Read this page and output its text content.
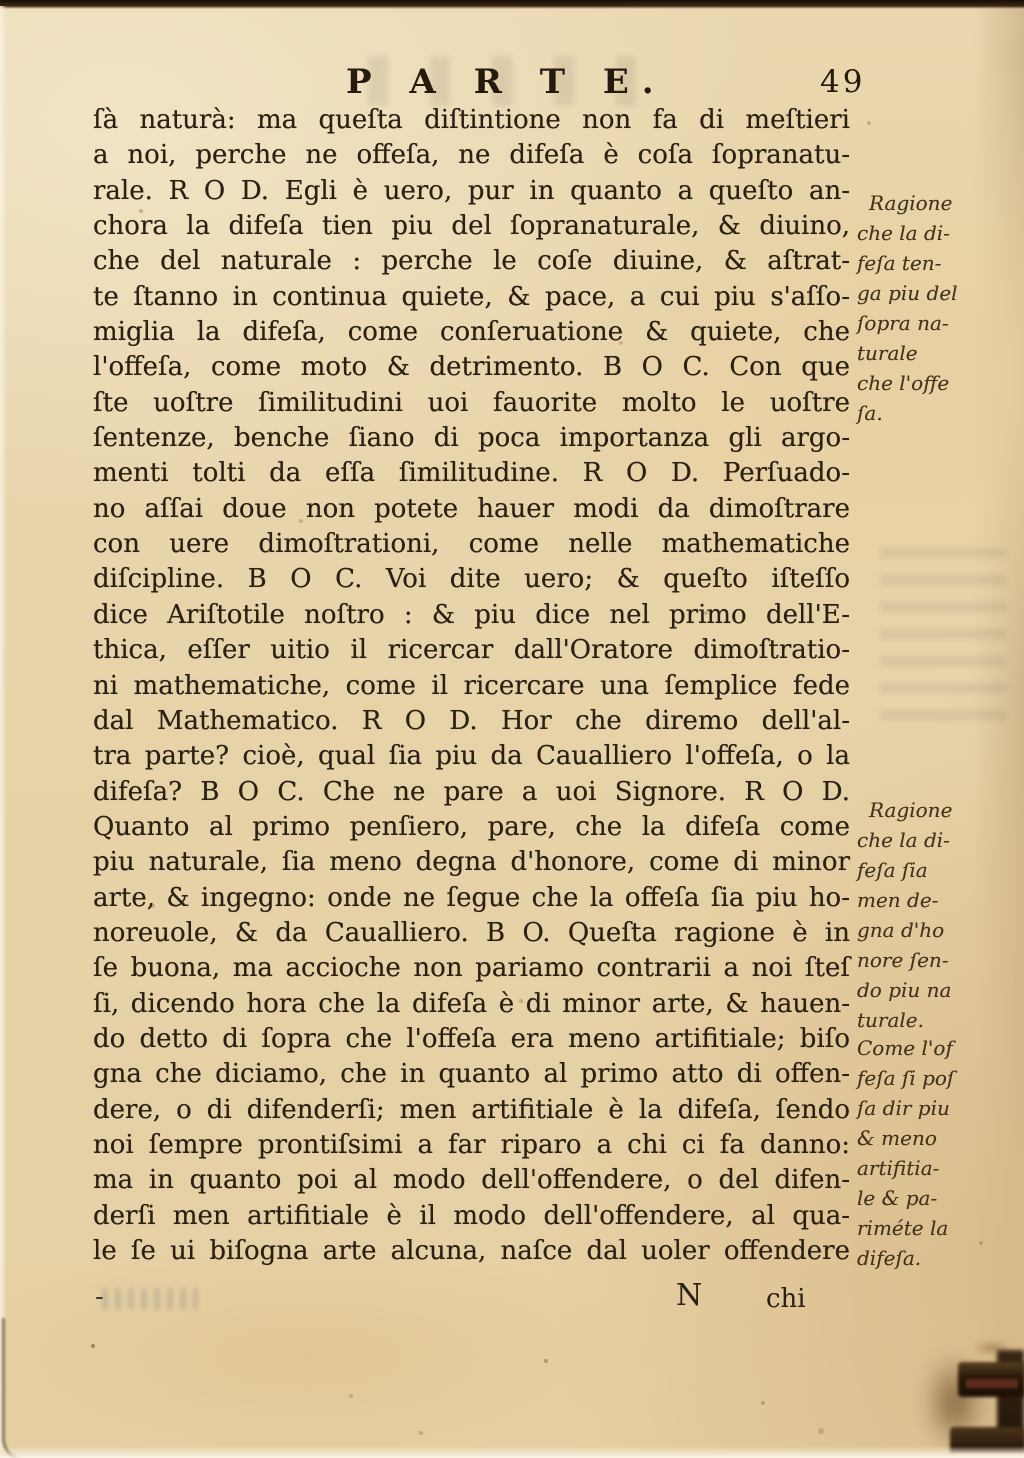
P A R T E.	49
ſà naturà: ma queſta diſtintione non fa di meſtieri
a noi, perche ne offeſa, ne difeſa è coſa ſopranatu-
rale. R O D. Egli è uero, pur in quanto a queſto an-
chora la difeſa tien piu del ſopranaturale, & diuino,
che del naturale : perche le coſe diuine, & aſtrat-
te ſtanno in continua quiete, & pace, a cui piu s'aſſo-
miglia la difeſa, come conſeruatione & quiete, che
l'offeſa, come moto & detrimento. B O C. Con que
ſte uoſtre ſimilitudini uoi fauorite molto le uoſtre
ſentenze, benche ſiano di poca importanza gli argo-
menti tolti da eſſa ſimilitudine. R O D. Perſuado-
no aſſai doue non potete hauer modi da dimoſtrare
con uere dimoſtrationi, come nelle mathematiche
diſcipline. B O C. Voi dite uero; & queſto iſteſſo
dice Ariſtotile noſtro : & piu dice nel primo dell'E-
thica, eſſer uitio il ricercar dall'Oratore dimoſtratio-
ni mathematiche, come il ricercare una ſemplice fede
dal Mathematico. R O D. Hor che diremo dell'al-
tra parte? cioè, qual ſia piu da Caualliero l'offeſa, o la
difeſa? B O C. Che ne pare a uoi Signore. R O D.
Quanto al primo penſiero, pare, che la difeſa come
piu naturale, ſia meno degna d'honore, come di minor
arte, & ingegno: onde ne ſegue che la offeſa ſia piu ho-
noreuole, & da Caualliero. B O. Queſta ragione è in
ſe buona, ma accioche non pariamo contrarii a noi ſteſ
ſi, dicendo hora che la difeſa è di minor arte, & hauen-
do detto di ſopra che l'offeſa era meno artifitiale; biſo
gna che diciamo, che in quanto al primo atto di offen-
dere, o di difenderſi; men artifitiale è la difeſa, ſendo
noi ſempre prontiſsimi a far riparo a chi ci fa danno:
ma in quanto poi al modo dell'offendere, o del difen-
derſi men artifitiale è il modo dell'offendere, al qua-
le ſe ui biſogna arte alcuna, naſce dal uoler offendere
Ragione
che la di-
feſa ten-
ga piu del
ſopra na-
turale
che l'offe
ſa.
Ragione
che la di-
feſa ſia
men de-
gna d'ho
nore ſen-
do piu na
turale.
Come l'of
feſa ſi poſ
ſa dir piu
& meno
artifitia-
le & pa-
riméte la
difeſa.
-	N chi
